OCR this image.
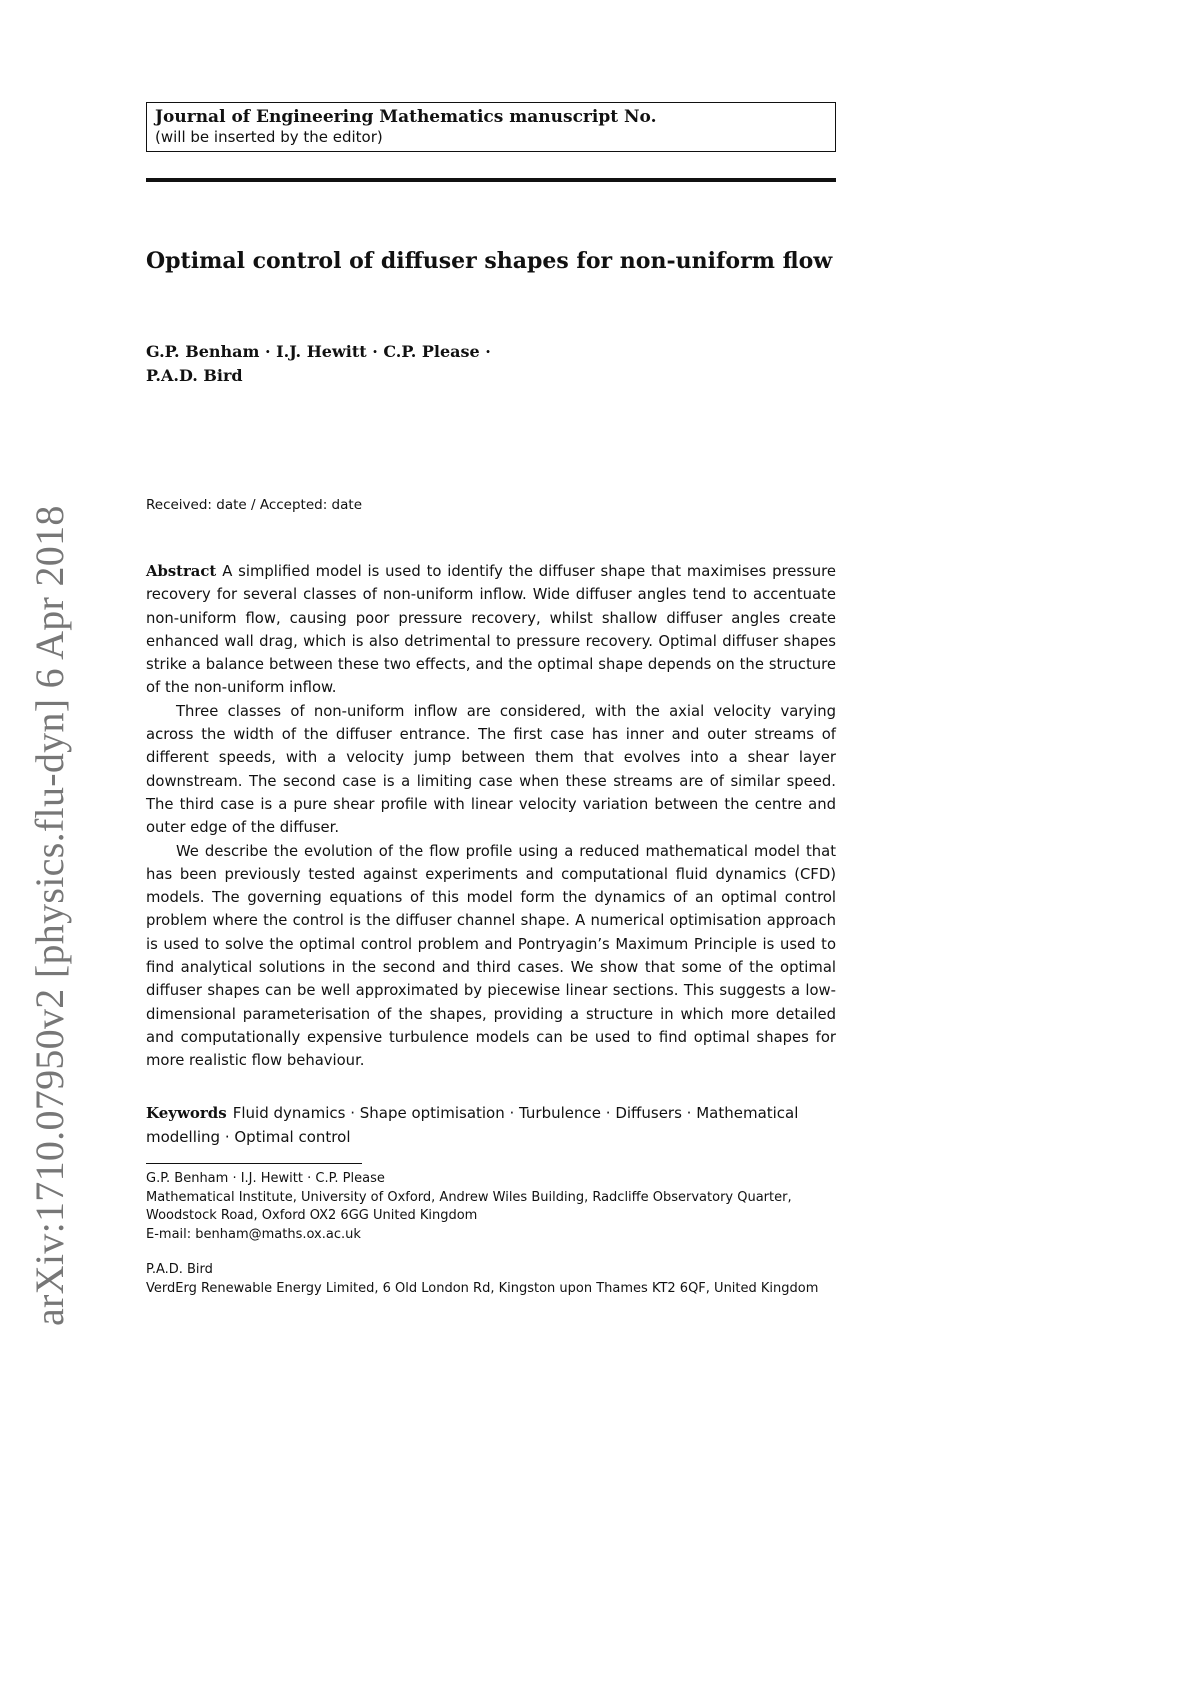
Journal of Engineering Mathematics manuscript No.
(will be inserted by the editor)
Optimal control of diffuser shapes for non-uniform flow
G.P. Benham · I.J. Hewitt · C.P. Please ·
P.A.D. Bird
Received: date / Accepted: date

Abstract A simplified model is used to identify the diffuser shape that maximises pressure recovery for several classes of non-uniform inflow. Wide diffuser angles tend to accentuate non-uniform flow, causing poor pressure recovery, whilst shallow diffuser angles create enhanced wall drag, which is also detrimental to pressure recovery. Optimal diffuser shapes strike a balance between these two effects, and the optimal shape depends on the structure of the non-uniform inflow.

Three classes of non-uniform inflow are considered, with the axial velocity varying across the width of the diffuser entrance. The first case has inner and outer streams of different speeds, with a velocity jump between them that evolves into a shear layer downstream. The second case is a limiting case when these streams are of similar speed. The third case is a pure shear profile with linear velocity variation between the centre and outer edge of the diffuser.

We describe the evolution of the flow profile using a reduced mathematical model that has been previously tested against experiments and computational fluid dynamics (CFD) models. The governing equations of this model form the dynamics of an optimal control problem where the control is the diffuser channel shape. A numerical optimisation approach is used to solve the optimal control problem and Pontryagin’s Maximum Principle is used to find analytical solutions in the second and third cases. We show that some of the optimal diffuser shapes can be well approximated by piecewise linear sections. This suggests a low-dimensional parameterisation of the shapes, providing a structure in which more detailed and computationally expensive turbulence models can be used to find optimal shapes for more realistic flow behaviour.

Keywords Fluid dynamics · Shape optimisation · Turbulence · Diffusers · Mathematical modelling · Optimal control
G.P. Benham · I.J. Hewitt · C.P. Please
Mathematical Institute, University of Oxford, Andrew Wiles Building, Radcliffe Observatory Quarter, Woodstock Road, Oxford OX2 6GG United Kingdom
E-mail: benham@maths.ox.ac.uk
P.A.D. Bird
VerdErg Renewable Energy Limited, 6 Old London Rd, Kingston upon Thames KT2 6QF, United Kingdom
arXiv:1710.07950v2 [physics.flu-dyn] 6 Apr 2018
